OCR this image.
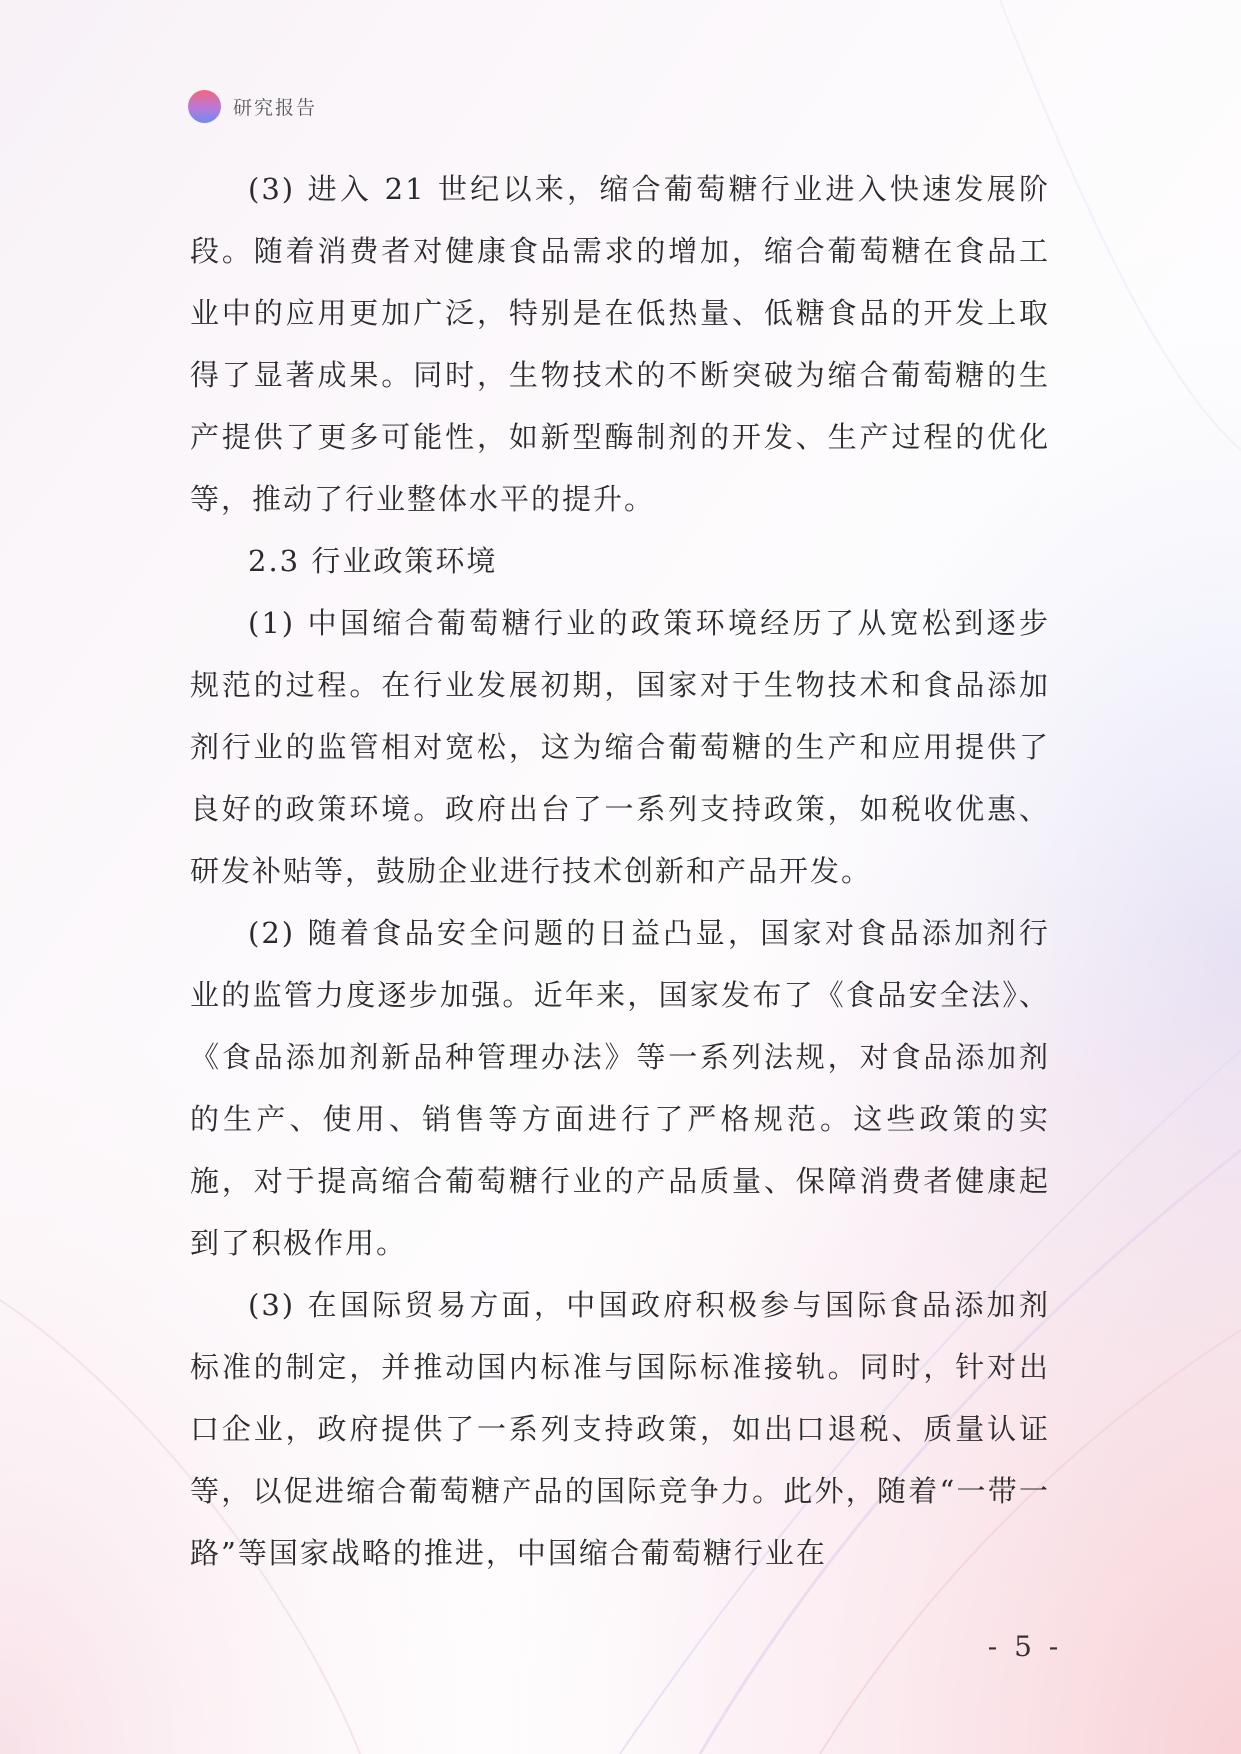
研究报告

(3) 进入 21 世纪以来，缩合葡萄糖行业进入快速发展阶段。随着消费者对健康食品需求的增加，缩合葡萄糖在食品工业中的应用更加广泛，特别是在低热量、低糖食品的开发上取得了显著成果。同时，生物技术的不断突破为缩合葡萄糖的生产提供了更多可能性，如新型酶制剂的开发、生产过程的优化等，推动了行业整体水平的提升。

2.3 行业政策环境

(1) 中国缩合葡萄糖行业的政策环境经历了从宽松到逐步规范的过程。在行业发展初期，国家对于生物技术和食品添加剂行业的监管相对宽松，这为缩合葡萄糖的生产和应用提供了良好的政策环境。政府出台了一系列支持政策，如税收优惠、研发补贴等，鼓励企业进行技术创新和产品开发。

(2) 随着食品安全问题的日益凸显，国家对食品添加剂行业的监管力度逐步加强。近年来，国家发布了《食品安全法》、《食品添加剂新品种管理办法》等一系列法规，对食品添加剂的生产、使用、销售等方面进行了严格规范。这些政策的实施，对于提高缩合葡萄糖行业的产品质量、保障消费者健康起到了积极作用。

(3) 在国际贸易方面，中国政府积极参与国际食品添加剂标准的制定，并推动国内标准与国际标准接轨。同时，针对出口企业，政府提供了一系列支持政策，如出口退税、质量认证等，以促进缩合葡萄糖产品的国际竞争力。此外，随着“一带一路”等国家战略的推进，中国缩合葡萄糖行业在

- 5 -
